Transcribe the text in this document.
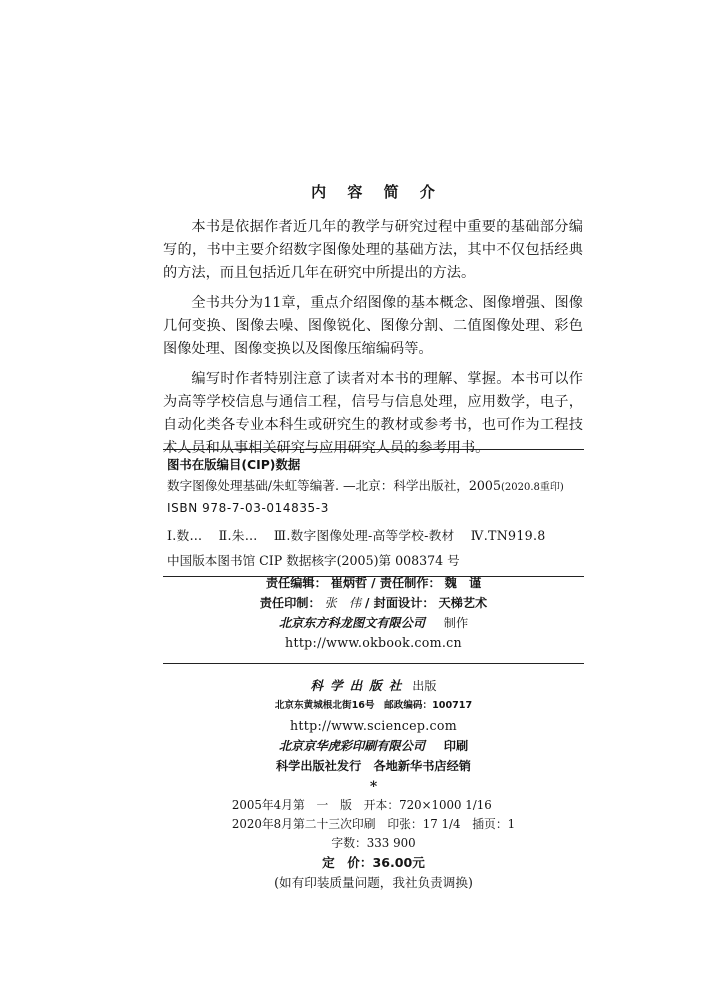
内 容 简 介

本书是依据作者近几年的教学与研究过程中重要的基础部分编写的，书中主要介绍数字图像处理的基础方法，其中不仅包括经典的方法，而且包括近几年在研究中所提出的方法。

全书共分为11章，重点介绍图像的基本概念、图像增强、图像几何变换、图像去噪、图像锐化、图像分割、二值图像处理、彩色图像处理、图像变换以及图像压缩编码等。

编写时作者特别注意了读者对本书的理解、掌握。本书可以作为高等学校信息与通信工程，信号与信息处理，应用数学，电子，自动化类各专业本科生或研究生的教材或参考书，也可作为工程技术人员和从事相关研究与应用研究人员的参考用书。

图书在版编目(CIP)数据
数字图像处理基础/朱虹等编著. —北京：科学出版社，2005(2020.8重印)
ISBN 978-7-03-014835-3
Ⅰ.数… Ⅱ.朱… Ⅲ.数字图像处理-高等学校-教材 Ⅳ.TN919.8
中国版本图书馆 CIP 数据核字(2005)第 008374 号
责任编辑： 崔炳哲 / 责任制作： 魏　谨
责任印制： 张　伟 / 封面设计： 天梯艺术
北京东方科龙图文有限公司 制作
http://www.okbook.com.cn
科学出版社 出版
北京东黄城根北街16号　邮政编码：100717
http://www.sciencep.com
北京京华虎彩印刷有限公司 印刷
科学出版社发行　各地新华书店经销
*
2005年4月第　一　版　开本：720×1000 1/16
2020年8月第二十三次印刷　印张：17 1/4　插页：1
字数：333 900
定　价：36.00元
(如有印装质量问题，我社负责调换)
